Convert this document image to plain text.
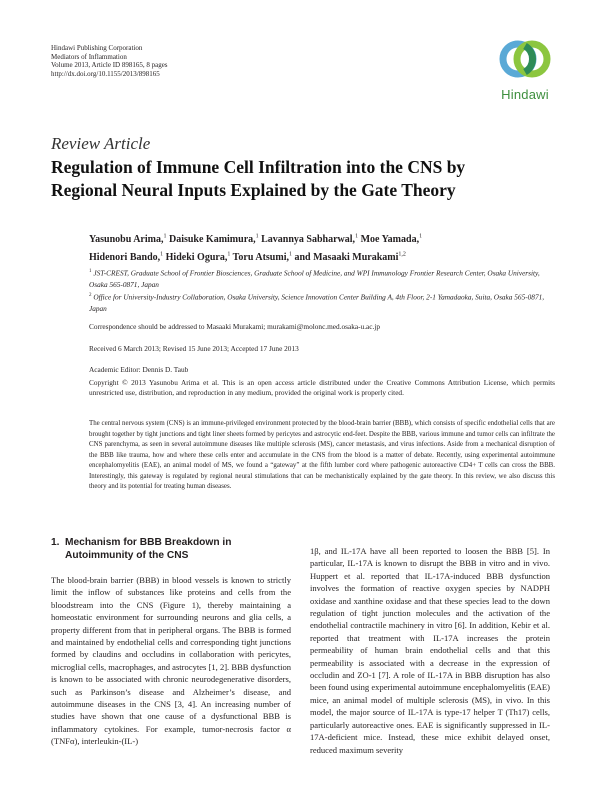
Hindawi Publishing Corporation
Mediators of Inflammation
Volume 2013, Article ID 898165, 8 pages
http://dx.doi.org/10.1155/2013/898165
Hindawi
Review Article
Regulation of Immune Cell Infiltration into the CNS by
Regional Neural Inputs Explained by the Gate Theory
Yasunobu Arima,$^1$ Daisuke Kamimura,$^1$ Lavannya Sabharwal,$^1$ Moe Yamada,$^1$
Hidenori Bando,$^1$ Hideki Ogura,$^1$ Toru Atsumi,$^1$ and Masaaki Murakami$^{1,2}$
$^1$ JST-CREST, Graduate School of Frontier Biosciences, Graduate School of Medicine, and WPI Immunology Frontier Research Center, Osaka University, Osaka 565-0871, Japan
$^2$ Office for University-Industry Collaboration, Osaka University, Science Innovation Center Building A, 4th Floor, 2-1 Yamadaoka, Suita, Osaka 565-0871, Japan
Correspondence should be addressed to Masaaki Murakami; murakami@molonc.med.osaka-u.ac.jp
Received 6 March 2013; Revised 15 June 2013; Accepted 17 June 2013
Academic Editor: Dennis D. Taub
Copyright © 2013 Yasunobu Arima et al. This is an open access article distributed under the Creative Commons Attribution License, which permits unrestricted use, distribution, and reproduction in any medium, provided the original work is properly cited.
The central nervous system (CNS) is an immune-privileged environment protected by the blood-brain barrier (BBB), which consists of specific endothelial cells that are brought together by tight junctions and tight liner sheets formed by pericytes and astrocytic end-feet. Despite the BBB, various immune and tumor cells can infiltrate the CNS parenchyma, as seen in several autoimmune diseases like multiple sclerosis (MS), cancer metastasis, and virus infections. Aside from a mechanical disruption of the BBB like trauma, how and where these cells enter and accumulate in the CNS from the blood is a matter of debate. Recently, using experimental autoimmune encephalomyelitis (EAE), an animal model of MS, we found a “gateway” at the fifth lumber cord where pathogenic autoreactive CD4+ T cells can cross the BBB. Interestingly, this gateway is regulated by regional neural stimulations that can be mechanistically explained by the gate theory. In this review, we also discuss this theory and its potential for treating human diseases.
1. Mechanism for BBB Breakdown in
Autoimmunity of the CNS

The blood-brain barrier (BBB) in blood vessels is known to strictly limit the inflow of substances like proteins and cells from the bloodstream into the CNS (Figure 1), thereby maintaining a homeostatic environment for surrounding neurons and glia cells, a property different from that in peripheral organs. The BBB is formed and maintained by endothelial cells and corresponding tight junctions formed by claudins and occludins in collaboration with pericytes, microglial cells, macrophages, and astrocytes [1, 2]. BBB dysfunction is known to be associated with chronic neurodegenerative disorders, such as Parkinson’s disease and Alzheimer’s disease, and autoimmune diseases in the CNS [3, 4]. An increasing number of studies have shown that one cause of a dysfunctional BBB is inflammatory cytokines. For example, tumor-necrosis factor α (TNFα), interleukin-(IL-)

1β, and IL-17A have all been reported to loosen the BBB [5]. In particular, IL-17A is known to disrupt the BBB in vitro and in vivo. Huppert et al. reported that IL-17A-induced BBB dysfunction involves the formation of reactive oxygen species by NADPH oxidase and xanthine oxidase and that these species lead to the down regulation of tight junction molecules and the activation of the endothelial contractile machinery in vitro [6]. In addition, Kebir et al. reported that treatment with IL-17A increases the protein permeability of human brain endothelial cells and that this permeability is associated with a decrease in the expression of occludin and ZO-1 [7]. A role of IL-17A in BBB disruption has also been found using experimental autoimmune encephalomyelitis (EAE) mice, an animal model of multiple sclerosis (MS), in vivo. In this model, the major source of IL-17A is type-17 helper T (Th17) cells, particularly autoreactive ones. EAE is significantly suppressed in IL-17A-deficient mice. Instead, these mice exhibit delayed onset, reduced maximum severity
